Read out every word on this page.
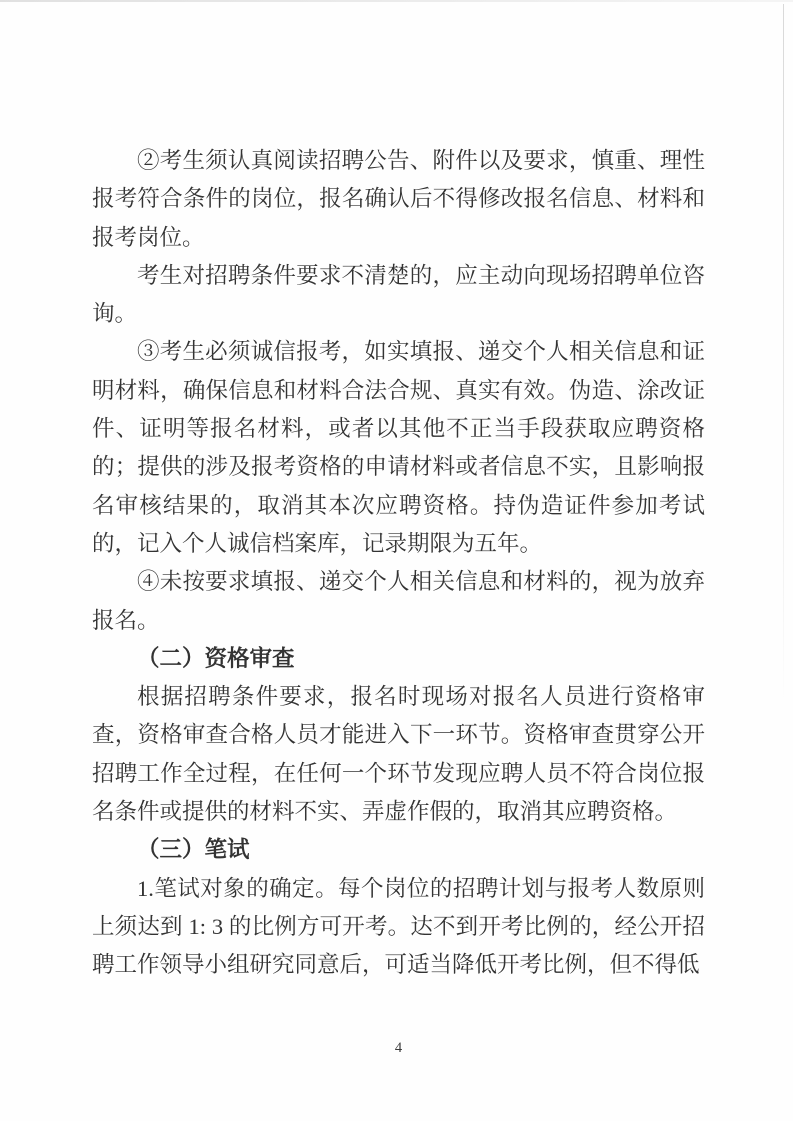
②考生须认真阅读招聘公告、附件以及要求，慎重、理性报考符合条件的岗位，报名确认后不得修改报名信息、材料和报考岗位。

考生对招聘条件要求不清楚的，应主动向现场招聘单位咨询。

③考生必须诚信报考，如实填报、递交个人相关信息和证明材料，确保信息和材料合法合规、真实有效。伪造、涂改证件、证明等报名材料，或者以其他不正当手段获取应聘资格的；提供的涉及报考资格的申请材料或者信息不实，且影响报名审核结果的，取消其本次应聘资格。持伪造证件参加考试的，记入个人诚信档案库，记录期限为五年。

④未按要求填报、递交个人相关信息和材料的，视为放弃报名。

（二）资格审查

根据招聘条件要求，报名时现场对报名人员进行资格审查，资格审查合格人员才能进入下一环节。资格审查贯穿公开招聘工作全过程，在任何一个环节发现应聘人员不符合岗位报名条件或提供的材料不实、弄虚作假的，取消其应聘资格。

（三）笔试

1.笔试对象的确定。每个岗位的招聘计划与报考人数原则上须达到 1: 3 的比例方可开考。达不到开考比例的，经公开招聘工作领导小组研究同意后，可适当降低开考比例，但不得低

4
